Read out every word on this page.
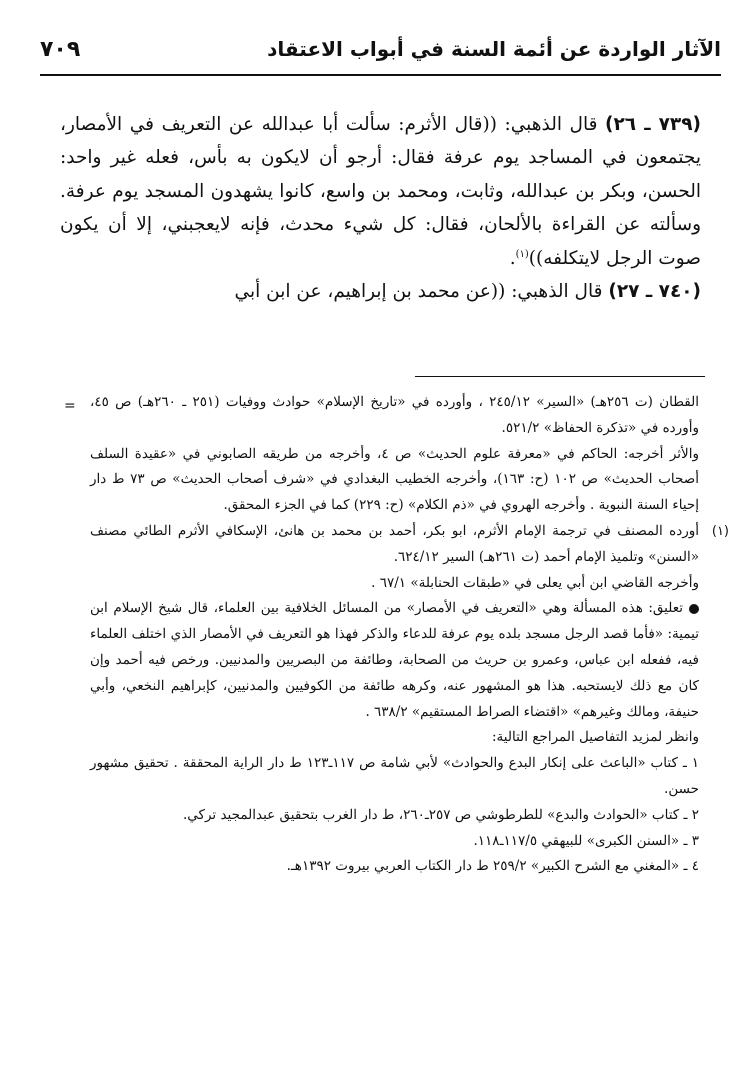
الآثار الواردة عن أئمة السنة في أبواب الاعتقاد
٧٠٩

(٧٣٩ ـ ٢٦) قال الذهبي: ((قال الأثرم: سألت أبا عبدالله عن التعريف في الأمصار، يجتمعون في المساجد يوم عرفة فقال: أرجو أن لايكون به بأس، فعله غير واحد: الحسن، وبكر بن عبدالله، وثابت، ومحمد بن واسع، كانوا يشهدون المسجد يوم عرفة. وسألته عن القراءة بالألحان، فقال: كل شيء محدث، فإنه لايعجبني، إلا أن يكون صوت الرجل لايتكلفه))$^{(١)}$.

(٧٤٠ ـ ٢٧) قال الذهبي: ((عن محمد بن إبراهيم، عن ابن أبي

= القطان (ت ٢٥٦هـ) «السير» ٢٤٥/١٢ ، وأورده في «تاريخ الإسلام» حوادث ووفيات (٢٥١ ـ ٢٦٠هـ) ص ٤٥، وأورده في «تذكرة الحفاظ» ٥٢١/٢.

والأثر أخرجه: الحاكم في «معرفة علوم الحديث» ص ٤، وأخرجه من طريقه الصابوني في «عقيدة السلف أصحاب الحديث» ص ١٠٢ (ح: ١٦٣)، وأخرجه الخطيب البغدادي في «شرف أصحاب الحديث» ص ٧٣ ط دار إحياء السنة النبوية . وأخرجه الهروي في «ذم الكلام» (ح: ٢٢٩) كما في الجزء المحقق.

(١)
أورده المصنف في ترجمة الإمام الأثرم، ابو بكر، أحمد بن محمد بن هانئ، الإسكافي الأثرم الطائي مصنف «السنن» وتلميذ الإمام أحمد (ت ٢٦١هـ) السير ٦٢٤/١٢.

وأخرجه القاضي ابن أبي يعلى في «طبقات الحنابلة» ٦٧/١ .

تعليق: هذه المسألة وهي «التعريف في الأمصار» من المسائل الخلافية بين العلماء، قال شيخ الإسلام ابن تيمية: «فأما قصد الرجل مسجد بلده يوم عرفة للدعاء والذكر فهذا هو التعريف في الأمصار الذي اختلف العلماء فيه، ففعله ابن عباس، وعمرو بن حريث من الصحابة، وطائفة من البصريين والمدنيين. ورخص فيه أحمد وإن كان مع ذلك لايستحبه. هذا هو المشهور عنه، وكرهه طائفة من الكوفيين والمدنيين، كإبراهيم النخعي، وأبي حنيفة، ومالك وغيرهم» «اقتضاء الصراط المستقيم» ٦٣٨/٢ .

وانظر لمزيد التفاصيل المراجع التالية:

١ ـ كتاب «الباعث على إنكار البدع والحوادث» لأبي شامة ص ١١٧ـ١٢٣ ط دار الراية المحققة . تحقيق مشهور حسن.

٢ ـ كتاب «الحوادث والبدع» للطرطوشي ص ٢٥٧ـ٢٦٠، ط دار الغرب بتحقيق عبدالمجيد تركي.

٣ ـ «السنن الكبرى» للبيهقي ١١٧/٥ـ١١٨.

٤ ـ «المغني مع الشرح الكبير» ٢٥٩/٢ ط دار الكتاب العربي بيروت ١٣٩٢هـ.
